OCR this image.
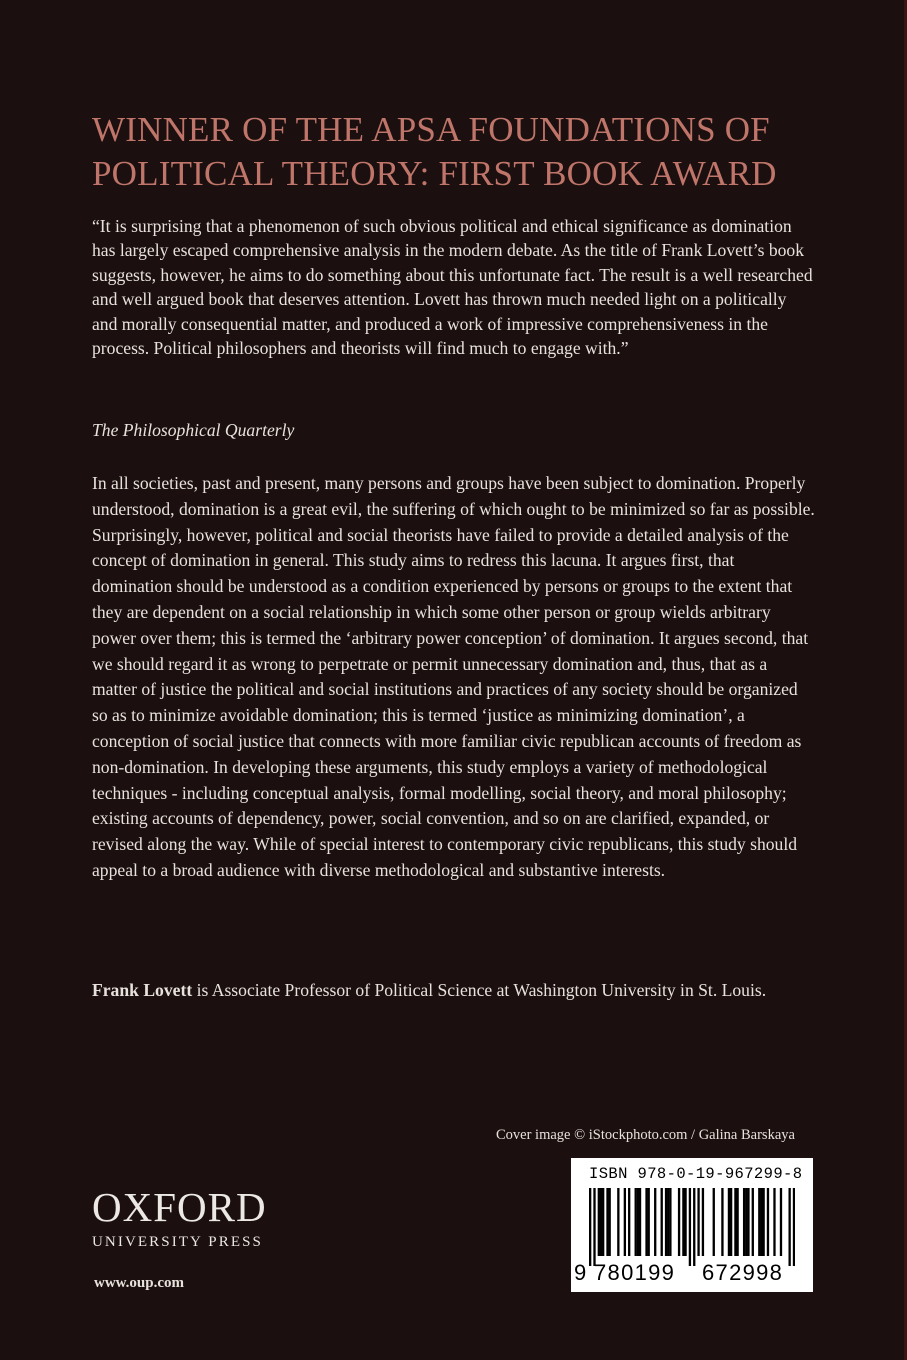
WINNER OF THE APSA FOUNDATIONS OF
POLITICAL THEORY: FIRST BOOK AWARD

“It is surprising that a phenomenon of such obvious political and ethical significance as domination has largely escaped comprehensive analysis in the modern debate. As the title of Frank Lovett’s book suggests, however, he aims to do something about this unfortunate fact. The result is a well researched and well argued book that deserves attention. Lovett has thrown much needed light on a politically and morally consequential matter, and produced a work of impressive comprehensiveness in the process. Political philosophers and theorists will find much to engage with.”

The Philosophical Quarterly

In all societies, past and present, many persons and groups have been subject to domination. Properly understood, domination is a great evil, the suffering of which ought to be minimized so far as possible. Surprisingly, however, political and social theorists have failed to provide a detailed analysis of the concept of domination in general. This study aims to redress this lacuna. It argues first, that domination should be understood as a condition experienced by persons or groups to the extent that they are dependent on a social relationship in which some other person or group wields arbitrary power over them; this is termed the ‘arbitrary power conception’ of domination. It argues second, that we should regard it as wrong to perpetrate or permit unnecessary domination and, thus, that as a matter of justice the political and social institutions and practices of any society should be organized so as to minimize avoidable domination; this is termed ‘justice as minimizing domination’, a conception of social justice that connects with more familiar civic republican accounts of freedom as non-domination. In developing these arguments, this study employs a variety of methodological techniques - including conceptual analysis, formal modelling, social theory, and moral philosophy; existing accounts of dependency, power, social convention, and so on are clarified, expanded, or revised along the way. While of special interest to contemporary civic republicans, this study should appeal to a broad audience with diverse methodological and substantive interests.

Frank Lovett is Associate Professor of Political Science at Washington University in St. Louis.

Cover image © iStockphoto.com / Galina Barskaya
OXFORD
UNIVERSITY PRESS
www.oup.com
ISBN 978-0-19-967299-8
9 780199 672998
